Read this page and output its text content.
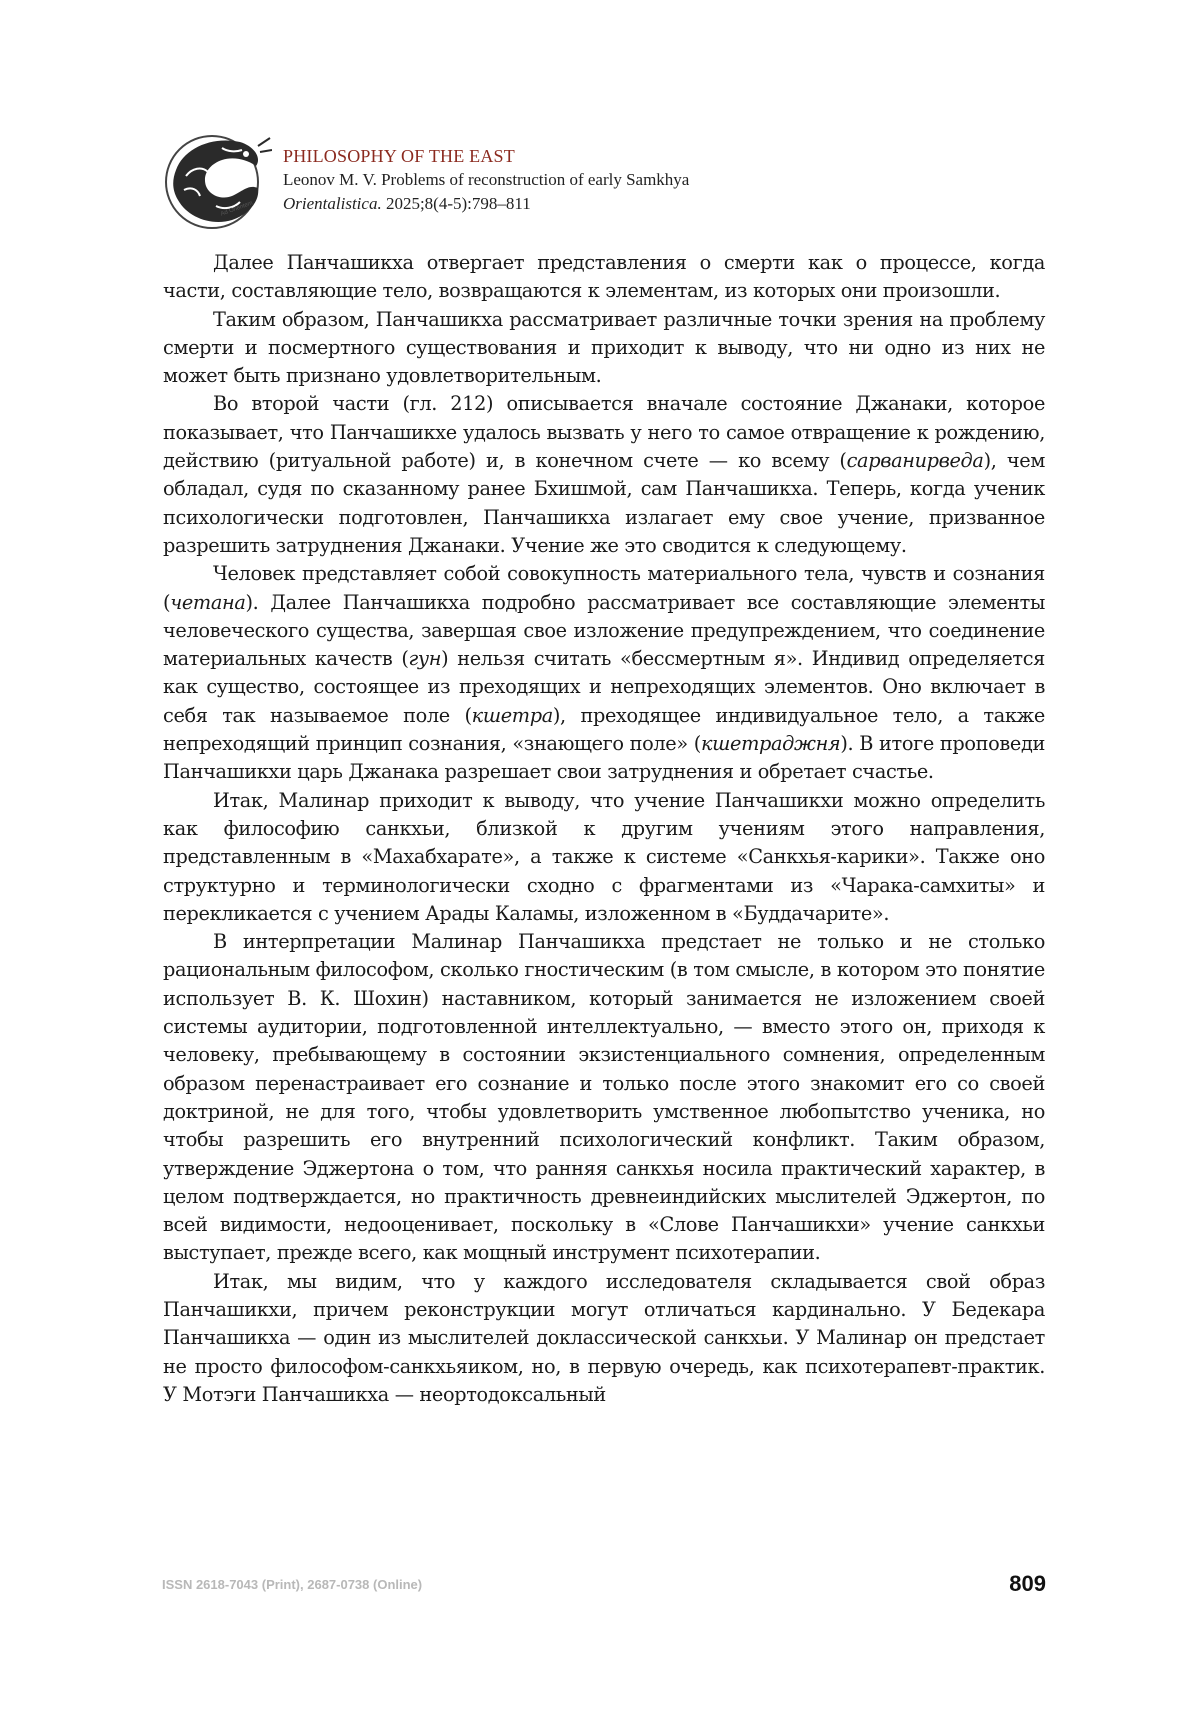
Ad Orientem

PHILOSOPHY OF THE EAST

Leonov M. V. Problems of reconstruction of early Samkhya

Orientalistica. 2025;8(4-5):798–811

Далее Панчашикха отвергает представления о смерти как о процессе, когда части, составляющие тело, возвращаются к элементам, из которых они произошли.

Таким образом, Панчашикха рассматривает различные точки зрения на проблему смерти и посмертного существования и приходит к выводу, что ни одно из них не может быть признано удовлетворительным.

Во второй части (гл. 212) описывается вначале состояние Джанаки, которое показывает, что Панчашикхе удалось вызвать у него то самое отвращение к рождению, действию (ритуальной работе) и, в конечном счете — ко всему (сарванирведа), чем обладал, судя по сказанному ранее Бхишмой, сам Панчашикха. Теперь, когда ученик психологически подготовлен, Панчашикха излагает ему свое учение, призванное разрешить затруднения Джанаки. Учение же это сводится к следующему.

Человек представляет собой совокупность материального тела, чувств и сознания (четана). Далее Панчашикха подробно рассматривает все составляющие элементы человеческого существа, завершая свое изложение предупреждением, что соединение материальных качеств (гун) нельзя считать «бессмертным я». Индивид определяется как существо, состоящее из преходящих и непреходящих элементов. Оно включает в себя так называемое поле (кшетра), преходящее индивидуальное тело, а также непреходящий принцип сознания, «знающего поле» (кшетраджня). В итоге проповеди Панчашикхи царь Джанака разрешает свои затруднения и обретает счастье.

Итак, Малинар приходит к выводу, что учение Панчашикхи можно определить как философию санкхьи, близкой к другим учениям этого направления, представленным в «Махабхарате», а также к системе «Санкхья-карики». Также оно структурно и терминологически сходно с фрагментами из «Чарака-самхиты» и перекликается с учением Арады Каламы, изложенном в «Буддачарите».

В интерпретации Малинар Панчашикха предстает не только и не столько рациональным философом, сколько гностическим (в том смысле, в котором это понятие использует В. К. Шохин) наставником, который занимается не изложением своей системы аудитории, подготовленной интеллектуально, — вместо этого он, приходя к человеку, пребывающему в состоянии экзистенциального сомнения, определенным образом перенастраивает его сознание и только после этого знакомит его со своей доктриной, не для того, чтобы удовлетворить умственное любопытство ученика, но чтобы разрешить его внутренний психологический конфликт. Таким образом, утверждение Эджертона о том, что ранняя санкхья носила практический характер, в целом подтверждается, но практичность древнеиндийских мыслителей Эджертон, по всей видимости, недооценивает, поскольку в «Слове Панчашикхи» учение санкхьи выступает, прежде всего, как мощный инструмент психотерапии.

Итак, мы видим, что у каждого исследователя складывается свой образ Панчашикхи, причем реконструкции могут отличаться кардинально. У Бедекара Панчашикха — один из мыслителей доклассической санкхьи. У Малинар он предстает не просто философом-санкхьяиком, но, в первую очередь, как психотерапевт-практик. У Мотэги Панчашикха — неортодоксальный

ISSN 2618-7043 (Print), 2687-0738 (Online)	809
